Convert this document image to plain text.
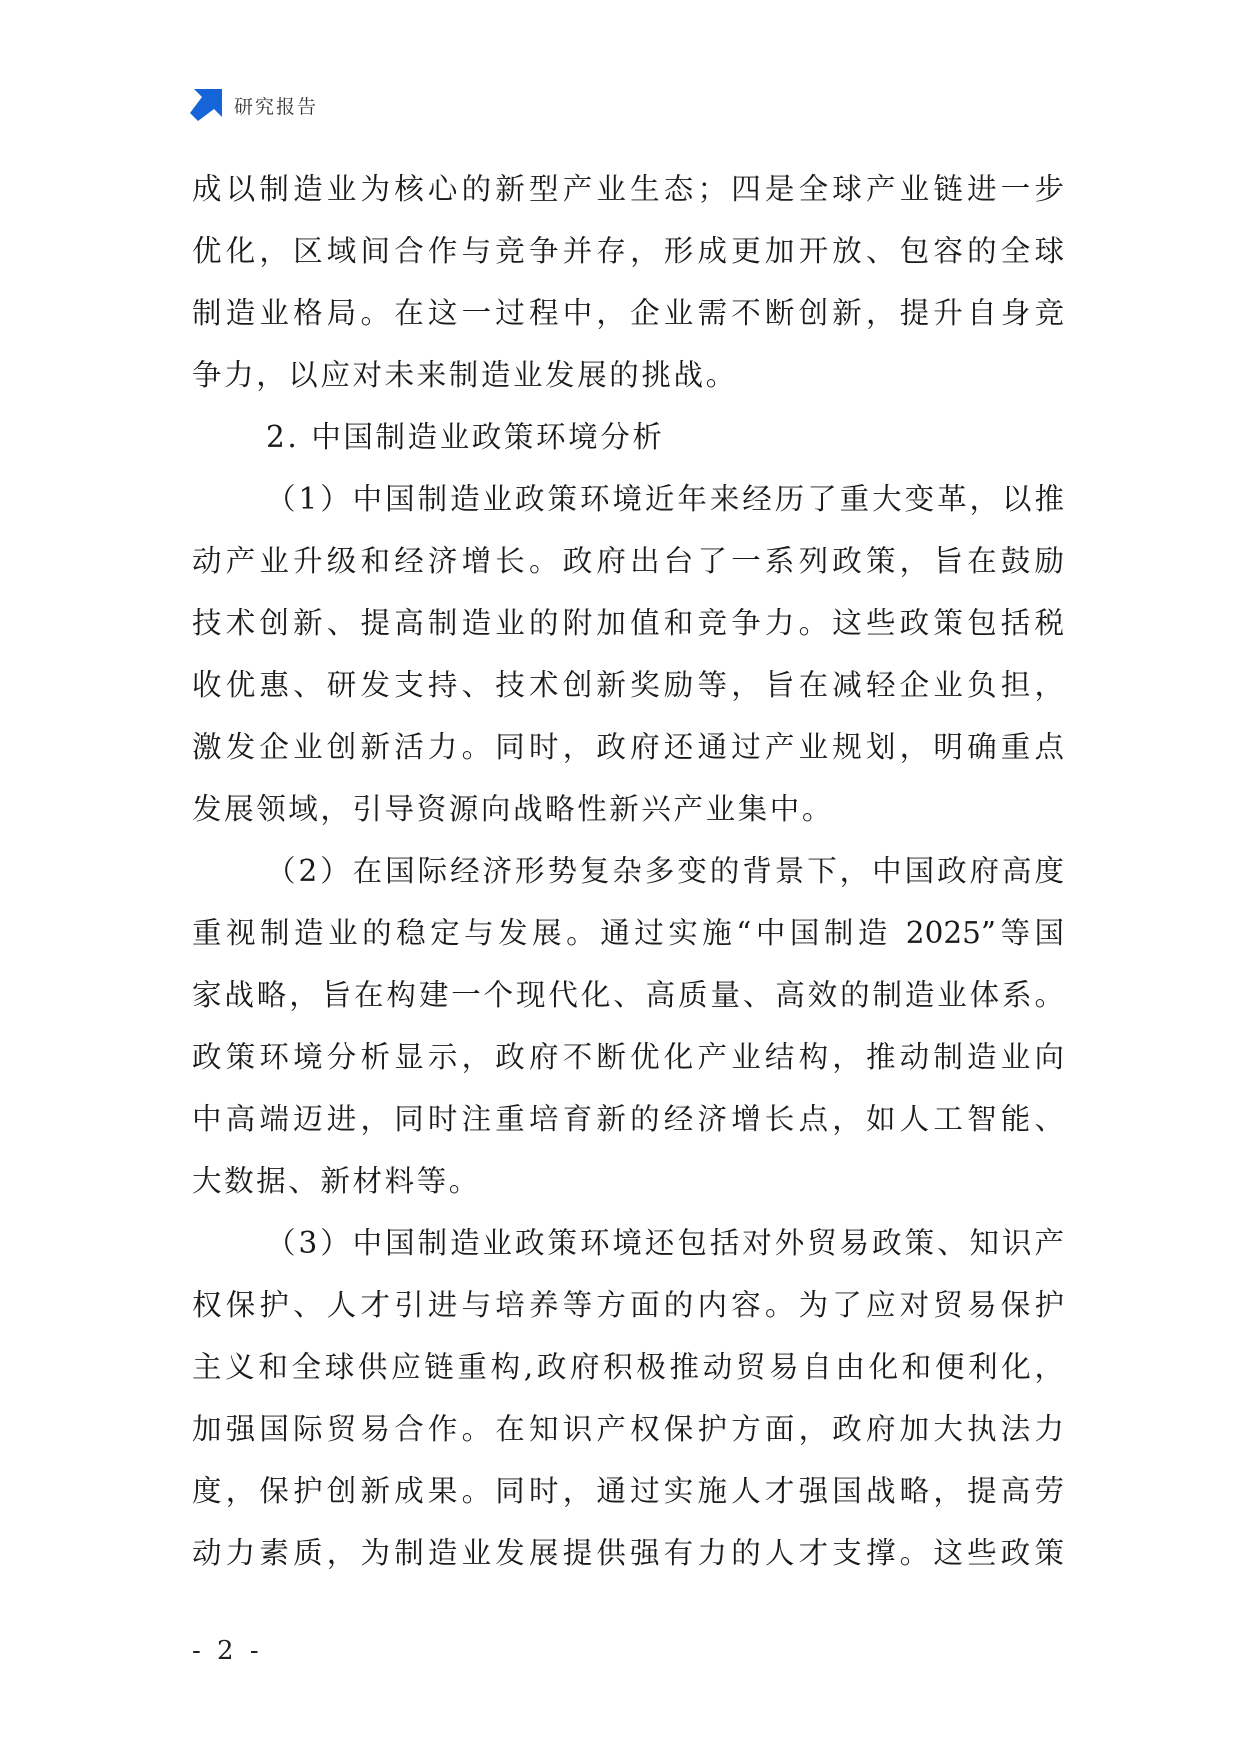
研究报告
成以制造业为核心的新型产业生态；四是全球产业链进一步
优化，区域间合作与竞争并存，形成更加开放、包容的全球
制造业格局。在这一过程中，企业需不断创新，提升自身竞
争力，以应对未来制造业发展的挑战。
2. 中国制造业政策环境分析
（1）中国制造业政策环境近年来经历了重大变革，以推
动产业升级和经济增长。政府出台了一系列政策，旨在鼓励
技术创新、提高制造业的附加值和竞争力。这些政策包括税
收优惠、研发支持、技术创新奖励等，旨在减轻企业负担，
激发企业创新活力。同时，政府还通过产业规划，明确重点
发展领域，引导资源向战略性新兴产业集中。
（2）在国际经济形势复杂多变的背景下，中国政府高度
重视制造业的稳定与发展。通过实施“中国制造 2025”等国
家战略，旨在构建一个现代化、高质量、高效的制造业体系。
政策环境分析显示，政府不断优化产业结构，推动制造业向
中高端迈进，同时注重培育新的经济增长点，如人工智能、
大数据、新材料等。
（3）中国制造业政策环境还包括对外贸易政策、知识产
权保护、人才引进与培养等方面的内容。为了应对贸易保护
主义和全球供应链重构,政府积极推动贸易自由化和便利化，
加强国际贸易合作。在知识产权保护方面，政府加大执法力
度，保护创新成果。同时，通过实施人才强国战略，提高劳
动力素质，为制造业发展提供强有力的人才支撑。这些政策
- 2 -
